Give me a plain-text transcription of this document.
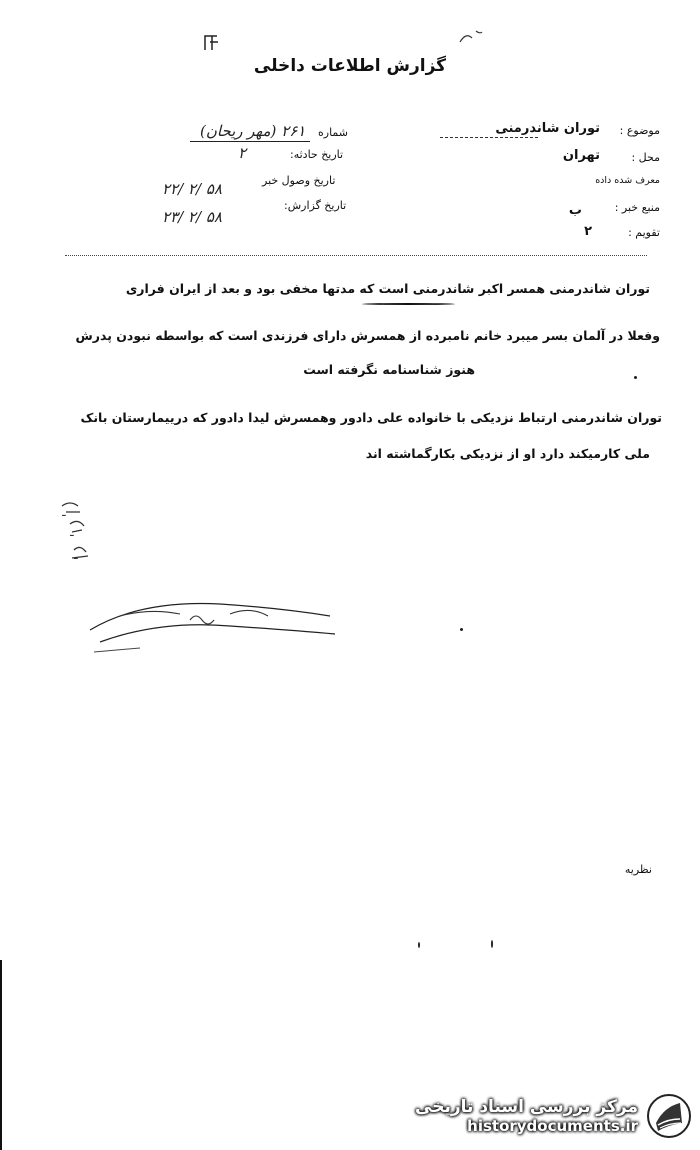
گزارش اطلاعات داخلی
موضوع :
توران شاندرمنی
محل :
تهران
معرف شده داده
منبع خبر :
ب
تقویم :
۲
شماره
۲۶۱ (مهر ریحان)
تاریخ حادثه:
۲
تاریخ وصول خبر
۲۲/ ۲/ ۵۸
تاریخ گزارش:
۲۳/ ۲/ ۵۸
توران شاندرمنی همسر اکبر شاندرمنی است که مدتها مخفی بود و بعد از ایران فراری
وفعلا در آلمان بسر میبرد خانم نامبرده از همسرش دارای فرزندی است که بواسطه نبودن پدرش
هنوز شناسنامه نگرفته است
توران شاندرمنی ارتباط نزدیکی با خانواده علی دادور وهمسرش لیدا دادور که درییمارستان بانک
ملی کارمیکند دارد او از نزدیکی بکارگماشته اند
ـ
ـ
ـ
نظریه
مرکز بررسی اسناد تاریخی
historydocuments.ir
